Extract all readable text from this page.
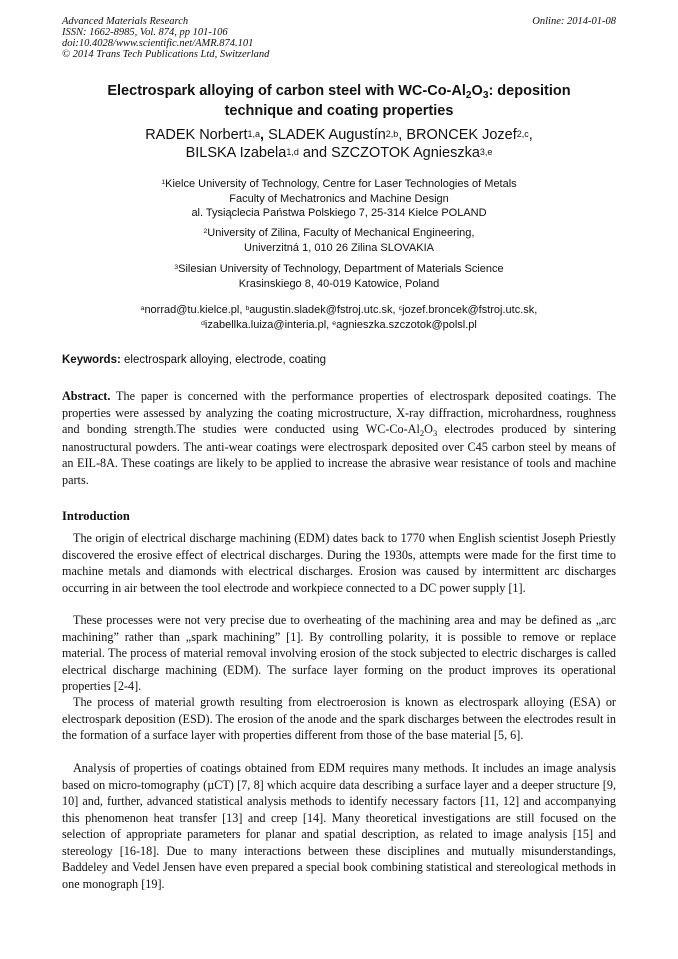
Advanced Materials Research
ISSN: 1662-8985, Vol. 874, pp 101-106
doi:10.4028/www.scientific.net/AMR.874.101
© 2014 Trans Tech Publications Ltd, Switzerland
Online: 2014-01-08
Electrospark alloying of carbon steel with $WC-Co-Al_2O_3$: deposition
technique and coating properties
RADEK Norbert$^{1,a}$, SLADEK Augustín$^{2,b}$, BRONCEK Jozef$^{2,c}$,
BILSKA Izabela$^{1,d}$ and SZCZOTOK Agnieszka$^{3,e}$
$^1$Kielce University of Technology, Centre for Laser Technologies of Metals
Faculty of Mechatronics and Machine Design
al. Tysiąclecia Państwa Polskiego 7, 25-314 Kielce POLAND
$^2$University of Zilina, Faculty of Mechanical Engineering,
Univerzitná 1, 010 26 Zilina SLOVAKIA
$^3$Silesian University of Technology, Department of Materials Science
Krasinskiego 8, 40-019 Katowice, Poland
$^a$norrad@tu.kielce.pl, $^b$augustin.sladek@fstroj.utc.sk, $^c$jozef.broncek@fstroj.utc.sk,
$^d$izabellka.luiza@interia.pl, $^e$agnieszka.szczotok@polsl.pl
Keywords: electrospark alloying, electrode, coating
Abstract. The paper is concerned with the performance properties of electrospark deposited coatings. The properties were assessed by analyzing the coating microstructure, X-ray diffraction, microhardness, roughness and bonding strength.The studies were conducted using $WC-Co-Al_2O_3$ electrodes produced by sintering nanostructural powders. The anti-wear coatings were electrospark deposited over C45 carbon steel by means of an EIL-8A. These coatings are likely to be applied to increase the abrasive wear resistance of tools and machine parts.
Introduction
The origin of electrical discharge machining (EDM) dates back to 1770 when English scientist Joseph Priestly discovered the erosive effect of electrical discharges. During the 1930s, attempts were made for the first time to machine metals and diamonds with electrical discharges. Erosion was caused by intermittent arc discharges occurring in air between the tool electrode and workpiece connected to a DC power supply [1].
These processes were not very precise due to overheating of the machining area and may be defined as „arc machining” rather than „spark machining” [1]. By controlling polarity, it is possible to remove or replace material. The process of material removal involving erosion of the stock subjected to electric discharges is called electrical discharge machining (EDM). The surface layer forming on the product improves its operational properties [2-4].
The process of material growth resulting from electroerosion is known as electrospark alloying (ESA) or electrospark deposition (ESD). The erosion of the anode and the spark discharges between the electrodes result in the formation of a surface layer with properties different from those of the base material [5, 6].
Analysis of properties of coatings obtained from EDM requires many methods. It includes an image analysis based on micro-tomography (µCT) [7, 8] which acquire data describing a surface layer and a deeper structure [9, 10] and, further, advanced statistical analysis methods to identify necessary factors [11, 12] and accompanying this phenomenon heat transfer [13] and creep [14]. Many theoretical investigations are still focused on the selection of appropriate parameters for planar and spatial description, as related to image analysis [15] and stereology [16-18]. Due to many interactions between these disciplines and mutually misunderstandings, Baddeley and Vedel Jensen have even prepared a special book combining statistical and stereological methods in one monograph [19].
